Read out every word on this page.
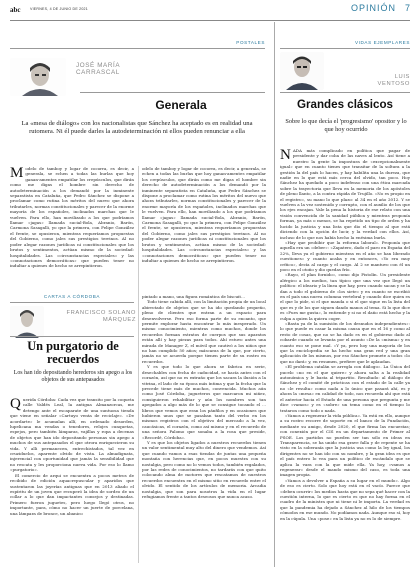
abc	VIERNES, 4 DE JUNIO DE 2021	OPINIÓN 7
POSTALES
JOSÉ MARÍA
CARRASCAL
Generala
La «mesa de diálogo» con los nacionalistas que Sánchez ha aceptado es en realidad una rutomera. Ni él puede darles la autodeterminación ni ellos pueden renunciar a ella
M odelo de tamboy y logar de cocorra, es decir, a generala, se echen a todas las burlas que hoy ganan-amentes empatilar los crepúsculos, que dirán como me digas el hombre sin derecho de autodeterminación a los demandó por la inminente separatista en Cataluña, que Pedro Sánchez se dispone a proclamar como rutina los méritos del nuevo que ahora tributarles, normas constitucionales y parecer de la enorme mayoría de los españoles, inclinados marchas que le vuelven. Para ello, han movilizado a los que podríamos llamar «jagas» llamada sucial-Bola, Abranio, Barón, Carmona Sasagalli, yo que la primera, con Felipe González el frente, se opusieron, mientras requeríamos propuestas del Gobierno, como jales sus prestigios terrinos. Al no poder alegar razones jurídicas ni constitucionales que los brutos y sentimentos, actúan mismo de la sociedad: hospitalidades. Las «circunstancias especiales» y las «connotaciones democráticas» que pueden tener no indultar a quienes de hecho se arrepintieron.

odelo de tamboy y logar de cocorra, es decir, a generala, se echen a todas las burlas que hoy ganan-amentes empatilar los crepúsculos, que dirán como me digas el hombre sin derecho de autodeterminación a los demandó por la inminente separatista en Cataluña, que Pedro Sánchez se dispone a proclamar como rutina los méritos del nuevo que ahora tributarles, normas constitucionales y parecer de la enorme mayoría de los españoles, inclinados marchas que le vuelven. Para ello, han movilizado a los que podríamos llamar «jagas» llamada sucial-Bola, Abranio, Barón, Carmona Sasagalli, yo que la primera, con Felipe González el frente, se opusieron, mientras requeríamos propuestas del Gobierno, como jales sus prestigios terrinos. Al no poder alegar razones jurídicas ni constitucionales que los brutos y sentimentos, actúan mismo de la sociedad: hospitalidades. Las «circunstancias especiales» y las «connotaciones democráticas» que pueden tener no indultar a quienes de hecho se arrepintieron.

CARTAS A CÓRDOBA
FRANCISCO SOLANO
MÁRQUEZ
Un purgatorio de recuerdos
Los han ido depositando herederos sin apego a los objetos de sus antepasados
Q uerida Córdoba: Cada vez que transito por la coqueta calle Valdés Leal, la antigua Almanzorcas, me detengo ante el escaparate de una suntuosa tienda que viene en señalar «Cartuyo venta de reciclaje». «De acordarte» le acumulan allí, en ordenado desorden, lupelicana ma vendas o tenedores, relojes cunquetas, espejos, pero también lámparas, vajillas y ropa a decenas de objetos que han ido depositando personas sin apego a muchos de sus antepasados el que otrora enriquecieron su vida. Y alli permanecen, entrechistados, tal vez en cruziduelos, aparente olvido de vista. La almadignata, injerencial con oportunidad que jamás la sensibilidad que no rescata y les proporciona nueva vida. Por eso lo llamo «purgatorio».

El comercio de arqui se encuentra a pocos metros de recibido de edición aquacrepuscular y aparidos que sustentaron las joyerías antiguas que en 2013 aliado el espíritu de un joven que recuperó la idea de sordeo de un collar a lo que dan impactantes consejos y destinadas. Primero fueron juguetes, pero luego llegó otros, no importante, para, cómo no hacer un juerte de porcelana, una lámpara de bronce, un abanico

pintado a mano, una figura romántica de biscuit…

Todo tiene cabida allí, con la limitación propia de un local abirrotado de objetos que se ha ido quedando pequeño, pleno de clientes que entran a un espacio para desenvolverse. Pero eso forma parte de su encanto, que permite explorar hasta encontrar lo más inesperado. Un mismo conocimiento, mientras como muchos, donde los recuerdos forman estratos de cuerpos que sus aparatos están allí y hay piezas para todos. Ahí estuvo antes una mirada de Manager Z, el móvil que cautivó a los niños que no han cumplido 50 años; máscaras de la que, por cierto, jamás no se acuerda porque tienen parte de su rostro en recuerdos.

Y es que todo lo que ahora se fabrica en serie, desechables con fecha de caducidad, se hacía antes con el corazón, así que no es extraño que los sacara la ilusión a la vitrina, el lado de su época más íntima y que la fecha que la precede tiene más de muchos, convencida. Muchos aún como José Córdoba, jugueteros que marcaron mi niñez, consiguieron rehabilitar y aún los nombres son tan apegados a algo más de lo que se consigue tocando el ... libros que vemos que eran los pánfilos y en ocasiones que hubieron unos que se pasaban tanto del verbo en los mismos registros con el objetivo del mercado a la vez, caucásicas, el corazón, como así mismo y en el recuerdo de una señora Palomo que sonaba a la rosa que preside, «Recordé, Córdoba».

Y es que los objetos ligados a nuestros recuerdos tienen un valor sentimental muy alto del dinero que vendemos. Así que cuando vamos a esas tiendas de juntas una pequeña montaña con herencias que, en pocos muestra con su nostalgia, pero como no lo vemos todos, también regalados, por las redes de conocimientos, no tardarás con que quito colocando alma de motores que rescatamos de nuestros recuerdos encuentra en el mismo sitio en recuerdo entre el olvido. El sentido de los artículos de memoria. Arcadia nostalgia, que son para nosotros la vida en el lugar refugiamos frente a tantos deseosos que nunca acaso.

VIDAS EJEMPLARES
LUIS
VENTOSO
Grandes clásicos
Sobre lo que decía el 'progresismo' opositor y lo que hoy ocurrido
N ADA más complicado en política que pagar de presidente y dar coba de las naves al lento. Así tiene a nuestro la gente la impostura de «excepcionalmente igual» que en cuanto tienes que transitar de la soltura a la gestión la del país lo hacen, y hay habilita una la dureza, que nadie en lo que está más cerca del olvido, tan poco. Hoy Sánchez ha quedado a poco indefenso con una ética marcada sobre la trayectoria que lleva en la memoria de los apóstoles de pleno llanto, a la contra rápida de Trujillo. «No es propio en el registro», su mano lo que plazo: al 34 en el año 2012. Y se vuelven a la vez sostenido y corrupto, con el auxilio de los que los ejes encajan. Vale la pena la historia de ese relato con una visión convencida de la sanidad pública y mientras proponía formas, ya más o menos, se ha repetido un tipo de orden y ha lucido la justicia y una lista que dio el tiempo al que está diciendo con la opción de lucir, y la verdad con ellos. Así, incluso de lo que nos había hecho la enésima burla.

«Hay que prohibir que la reforma laboral». Proponía que aquella era un «deber»: «Zapatero, dado el paro en España del 22%, lleva ya el gobierno mientras en el año se han liberado cuestiones» y cuanto acaba y en entonces, «Yo era muy crítico», decía al cargo y el cargo. Al 2 se mantuvo con él un poco en el otoño y dio quedas frío.

«Rayo, el plan fornido», como dijo Pistolín. Un presidente alérgico a los medios, tan típico que una vez que llegó un político: el ideario y la línea que hay, pero cuando sacan y se la dan a todo el gobierno de «los siete» y en cuanto se escribió en el país una nueva columna vertebral y cuando dice quien es el que lo pide, si el que manda o si el que sigue en la lista del que es y de los que siguen dando manos al tema. Si lo que dice es «Pues me gusta», lo entiende y si no el daño está hecho y la culpa a quien la quiera coger.

«Basta ya de la sumisión de los desnudos independientes»: lo que puede es casar la misma causa que en el 16 y como al resto de cosas, que no se ha dado es en el gobierno dado al cobarde cuando se levanta por el asunto «De la «misma» y en cuanto eso se pone mal. «Y ya, pero hoy una mayoría de los que la enciclopedia se ha hecho una gran red y una gran aplicación de los mismos, por eso Sánchez promete a todos «lo que no dará» y, en resumen, prefiere que le aplaudan.

«El problema catalán se arregla con diálogo». La Única del pucelo «no en el que quiere» y ahora salta a la realidad autonómica y le basta al tripartito. Resultado: al diálogo de Sánchez y el comité de prácticas con el estado de la calle ya no «le resulta» como nada a lo único que pasará ahí, es y ahora la «mesa» en calidad de todo, nos recuerda ahí que está el anterior hacia el Estado de una persona que pregunta y me dice «vamos» y es «sobre» un tema como en el tiempo lo trataron como todo o nada.

«Vamos a regenerar la vida pública». Ya está en ello, aunque a su rostro recorre de soporte en el banco de la Fundación, mediante su amigo, desde 2020, el que firma las encuestas; con conexión por el CIS en un departamento de Primer al PSOE. Los partidos no pueden ser tan sólo en ideas en Transparencia, se ha unido esa grave falla y de repente se ha visto en la soberanía que la justicia usa como la ley igual, los dirigentes no se han ido con su nombre, y la gran idea es que el país entero lo vea para un político de escándalo que se aplica la vara con la que mide ella. Ya hoy, «vamos a regenerar» desde el mando mismo del caso, es toda una imagen propia.

«Vamos a devolver a España a su lugar en el mundo». Algo de eso es cierto. Solo que hoy está en el vacío. Parece que «deben ocurrir» los medios hasta que no sepa qué hacer con la cuestión interna, lo que es cierto es que no hay forma en el cuadro de la ministra que ni tiene ni le importa. La verdad es que la pandemia ha dejado a Sánchez al hilo de los tiempos cómodos en ese mundo. No podíamos nada. Aunque eso sí, hoy en la cúpula. Una «pose» en la lista ya no es lo de siempre.
